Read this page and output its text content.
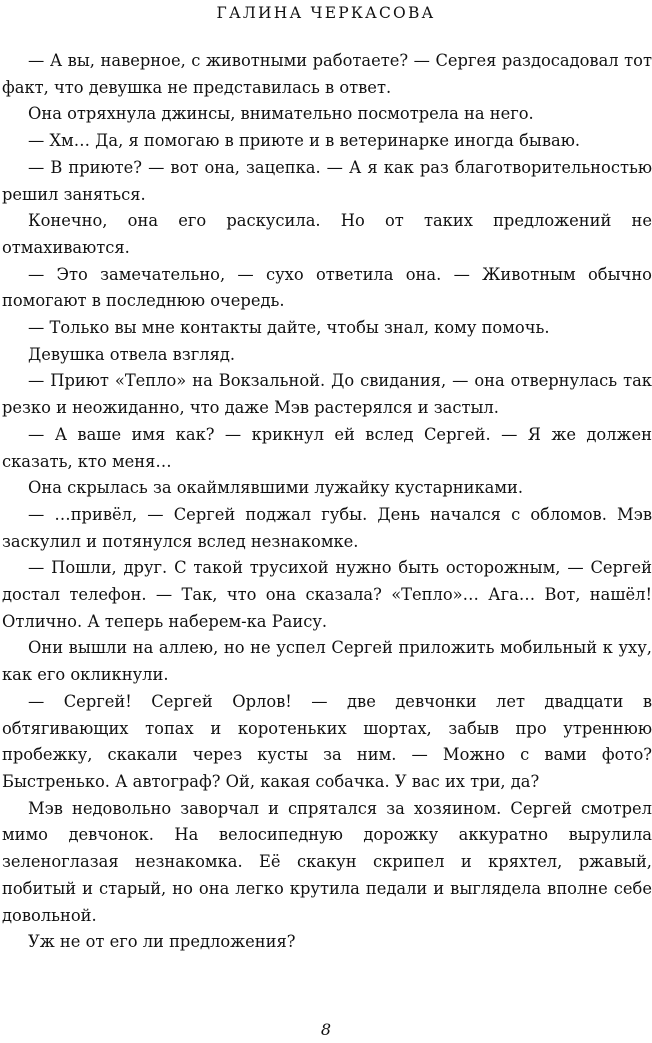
ГАЛИНА ЧЕРКАСОВА

— А вы, наверное, с животными работаете? — Сергея раздосадовал тот факт, что девушка не представилась в ответ.

Она отряхнула джинсы, внимательно посмотрела на него.

— Хм… Да, я помогаю в приюте и в ветеринарке иногда бываю.

— В приюте? — вот она, зацепка. — А я как раз благотворительностью решил заняться.

Конечно, она его раскусила. Но от таких предложений не отмахиваются.

— Это замечательно, — сухо ответила она. — Животным обычно помогают в последнюю очередь.

— Только вы мне контакты дайте, чтобы знал, кому помочь.

Девушка отвела взгляд.

— Приют «Тепло» на Вокзальной. До свидания, — она отвернулась так резко и неожиданно, что даже Мэв растерялся и застыл.

— А ваше имя как? — крикнул ей вслед Сергей. — Я же должен сказать, кто меня…

Она скрылась за окаймлявшими лужайку кустарниками.

— …привёл, — Сергей поджал губы. День начался с обломов. Мэв заскулил и потянулся вслед незнакомке.

— Пошли, друг. С такой трусихой нужно быть осторожным, — Сергей достал телефон. — Так, что она сказала? «Тепло»… Ага… Вот, нашёл! Отлично. А теперь наберем-ка Раису.

Они вышли на аллею, но не успел Сергей приложить мобильный к уху, как его окликнули.

— Сергей! Сергей Орлов! — две девчонки лет двадцати в обтягивающих топах и коротеньких шортах, забыв про утреннюю пробежку, скакали через кусты за ним. — Можно с вами фото? Быстренько. А автограф? Ой, какая собачка. У вас их три, да?

Мэв недовольно заворчал и спрятался за хозяином. Сергей смотрел мимо девчонок. На велосипедную дорожку аккуратно вырулила зеленоглазая незнакомка. Её скакун скрипел и кряхтел, ржавый, побитый и старый, но она легко крутила педали и выглядела вполне себе довольной.

Уж не от его ли предложения?

8
